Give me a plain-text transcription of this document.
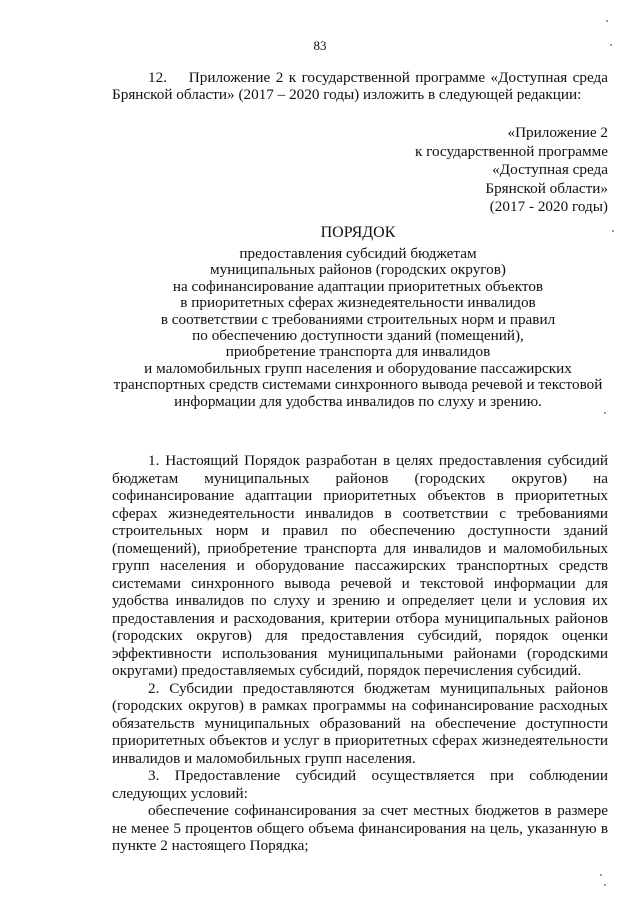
83

12. Приложение 2 к государственной программе «Доступная среда Брянской области» (2017 – 2020 годы) изложить в следующей редакции:

«Приложение 2
к государственной программе
«Доступная среда
Брянской области»
(2017 - 2020 годы)
ПОРЯДОК
предоставления субсидий бюджетам
муниципальных районов (городских округов)
на софинансирование адаптации приоритетных объектов
в приоритетных сферах жизнедеятельности инвалидов
в соответствии с требованиями строительных норм и правил
по обеспечению доступности зданий (помещений),
приобретение транспорта для инвалидов
и маломобильных групп населения и оборудование пассажирских
транспортных средств системами синхронного вывода речевой и текстовой
информации для удобства инвалидов по слуху и зрению.

1. Настоящий Порядок разработан в целях предоставления субсидий бюджетам муниципальных районов (городских округов) на софинансирование адаптации приоритетных объектов в приоритетных сферах жизнедеятельности инвалидов в соответствии с требованиями строительных норм и правил по обеспечению доступности зданий (помещений), приобретение транспорта для инвалидов и маломобильных групп населения и оборудование пассажирских транспортных средств системами синхронного вывода речевой и текстовой информации для удобства инвалидов по слуху и зрению и определяет цели и условия их предоставления и расходования, критерии отбора муниципальных районов (городских округов) для предоставления субсидий, порядок оценки эффективности использования муниципальными районами (городскими округами) предоставляемых субсидий, порядок перечисления субсидий.

2. Субсидии предоставляются бюджетам муниципальных районов (городских округов) в рамках программы на софинансирование расходных обязательств муниципальных образований на обеспечение доступности приоритетных объектов и услуг в приоритетных сферах жизнедеятельности инвалидов и маломобильных групп населения.

3. Предоставление субсидий осуществляется при соблюдении следующих условий:

обеспечение софинансирования за счет местных бюджетов в размере не менее 5 процентов общего объема финансирования на цель, указанную в пункте 2 настоящего Порядка;
